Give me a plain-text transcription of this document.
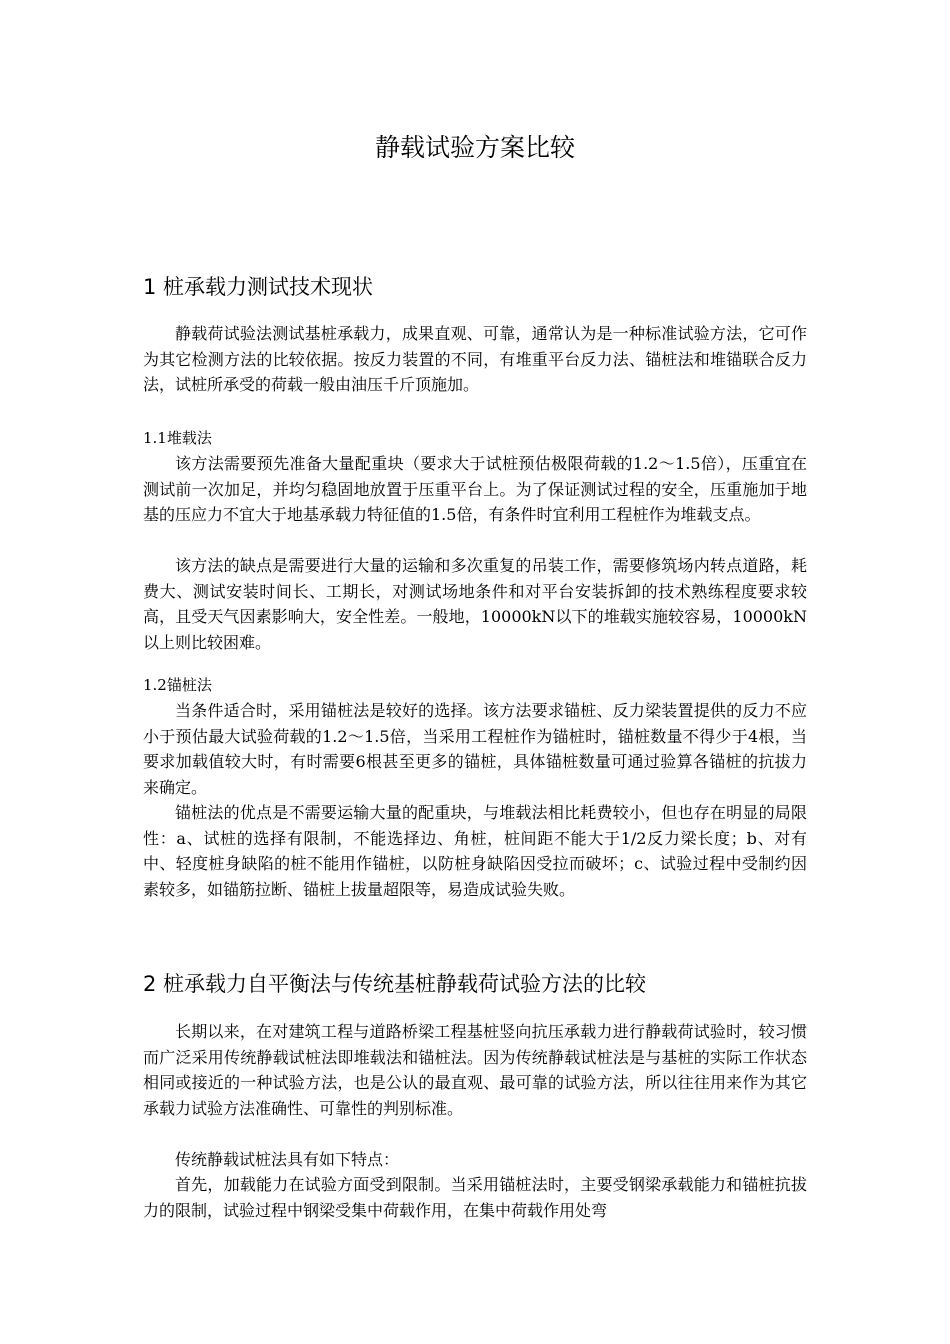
静载试验方案比较
1 桩承载力测试技术现状

静载荷试验法测试基桩承载力，成果直观、可靠，通常认为是一种标准试验方法，它可作为其它检测方法的比较依据。按反力装置的不同，有堆重平台反力法、锚桩法和堆锚联合反力法，试桩所承受的荷载一般由油压千斤顶施加。

1.1堆载法

该方法需要预先准备大量配重块（要求大于试桩预估极限荷载的1.2～1.5倍），压重宜在测试前一次加足，并均匀稳固地放置于压重平台上。为了保证测试过程的安全，压重施加于地基的压应力不宜大于地基承载力特征值的1.5倍，有条件时宜利用工程桩作为堆载支点。

该方法的缺点是需要进行大量的运输和多次重复的吊装工作，需要修筑场内转点道路，耗费大、测试安装时间长、工期长，对测试场地条件和对平台安装拆卸的技术熟练程度要求较高，且受天气因素影响大，安全性差。一般地，10000kN以下的堆载实施较容易，10000kN以上则比较困难。

1.2锚桩法

当条件适合时，采用锚桩法是较好的选择。该方法要求锚桩、反力梁装置提供的反力不应小于预估最大试验荷载的1.2～1.5倍，当采用工程桩作为锚桩时，锚桩数量不得少于4根，当要求加载值较大时，有时需要6根甚至更多的锚桩，具体锚桩数量可通过验算各锚桩的抗拔力来确定。

锚桩法的优点是不需要运输大量的配重块，与堆载法相比耗费较小，但也存在明显的局限性：a、试桩的选择有限制，不能选择边、角桩，桩间距不能大于1/2反力梁长度；b、对有中、轻度桩身缺陷的桩不能用作锚桩，以防桩身缺陷因受拉而破坏；c、试验过程中受制约因素较多，如锚筋拉断、锚桩上拔量超限等，易造成试验失败。

2 桩承载力自平衡法与传统基桩静载荷试验方法的比较

长期以来，在对建筑工程与道路桥梁工程基桩竖向抗压承载力进行静载荷试验时，较习惯而广泛采用传统静载试桩法即堆载法和锚桩法。因为传统静载试桩法是与基桩的实际工作状态相同或接近的一种试验方法，也是公认的最直观、最可靠的试验方法，所以往往用来作为其它承载力试验方法准确性、可靠性的判别标准。

传统静载试桩法具有如下特点：

首先，加载能力在试验方面受到限制。当采用锚桩法时，主要受钢梁承载能力和锚桩抗拔力的限制，试验过程中钢梁受集中荷载作用，在集中荷载作用处弯
